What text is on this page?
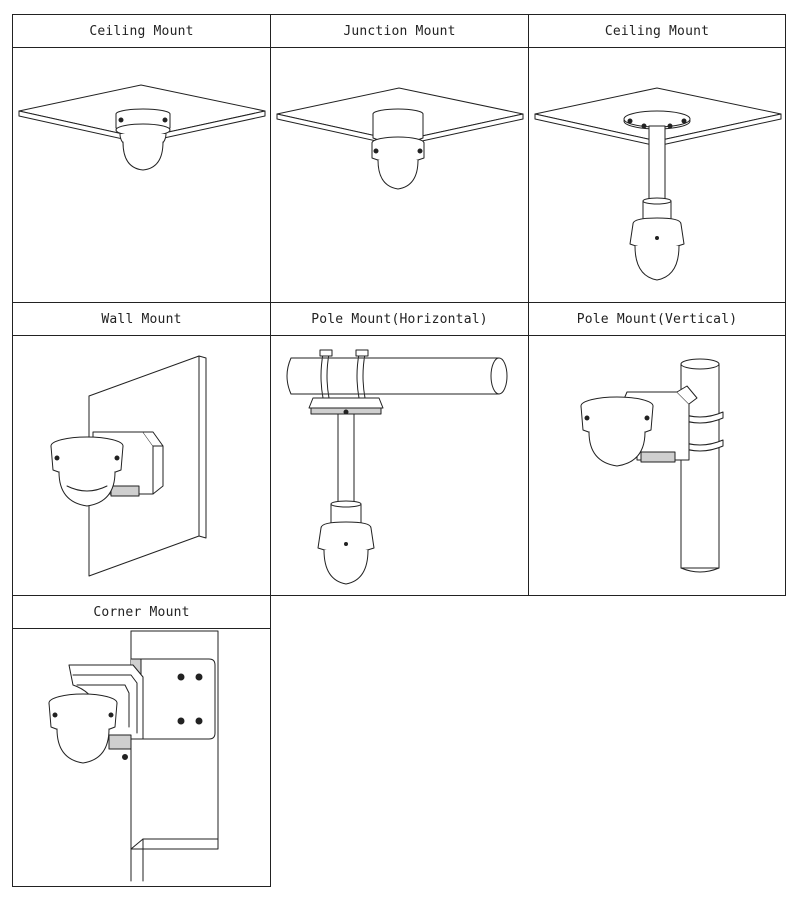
Ceiling Mount	Junction Mount	Ceiling Mount
Wall Mount	Pole Mount(Horizontal)	Pole Mount(Vertical)
Corner Mount
